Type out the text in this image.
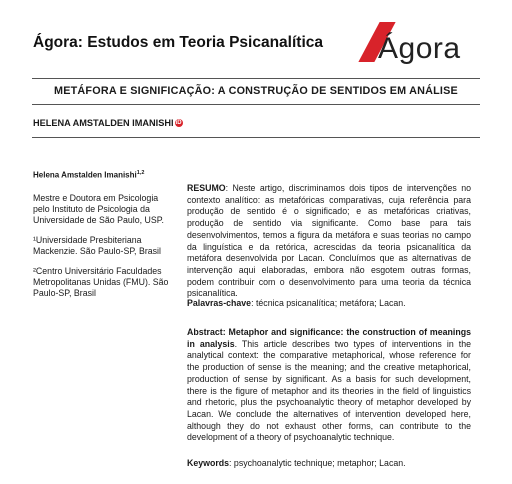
Ágora: Estudos em Teoria Psicanalítica Ágora
METÁFORA E SIGNIFICAÇÃO: A CONSTRUÇÃO DE SENTIDOS EM ANÁLISE
HELENA AMSTALDEN IMANISHI iD
Helena Amstalden Imanishi$^{1,2}$

Mestre e Doutora em Psicologia pelo Instituto de Psicologia da Universidade de São Paulo, USP.

¹Universidade Presbiteriana Mackenzie. São Paulo-SP, Brasil

²Centro Universitário Faculdades Metropolitanas Unidas (FMU). São Paulo-SP, Brasil

RESUMO: Neste artigo, discriminamos dois tipos de intervenções no contexto analítico: as metafóricas comparativas, cuja referência para produção de sentido é o significado; e as metafóricas criativas, produção de sentido via significante. Como base para tais desenvolvimentos, temos a figura da metáfora e suas teorias no campo da linguística e da retórica, acrescidas da teoria psicanalítica da metáfora desenvolvida por Lacan. Concluímos que as alternativas de intervenção aqui elaboradas, embora não esgotem outras formas, podem contribuir com o desenvolvimento para uma teoria da técnica psicanalítica.
Palavras-chave: técnica psicanalítica; metáfora; Lacan.
Abstract: Metaphor and significance: the construction of meanings in analysis. This article describes two types of interventions in the analytical context: the comparative metaphorical, whose reference for the production of sense is the meaning; and the creative metaphorical, production of sense by significant. As a basis for such development, there is the figure of metaphor and its theories in the field of linguistics and rhetoric, plus the psychoanalytic theory of metaphor developed by Lacan. We conclude the alternatives of intervention developed here, although they do not exhaust other forms, can contribute to the development of a theory of psychoanalytic technique.
Keywords: psychoanalytic technique; metaphor; Lacan.
